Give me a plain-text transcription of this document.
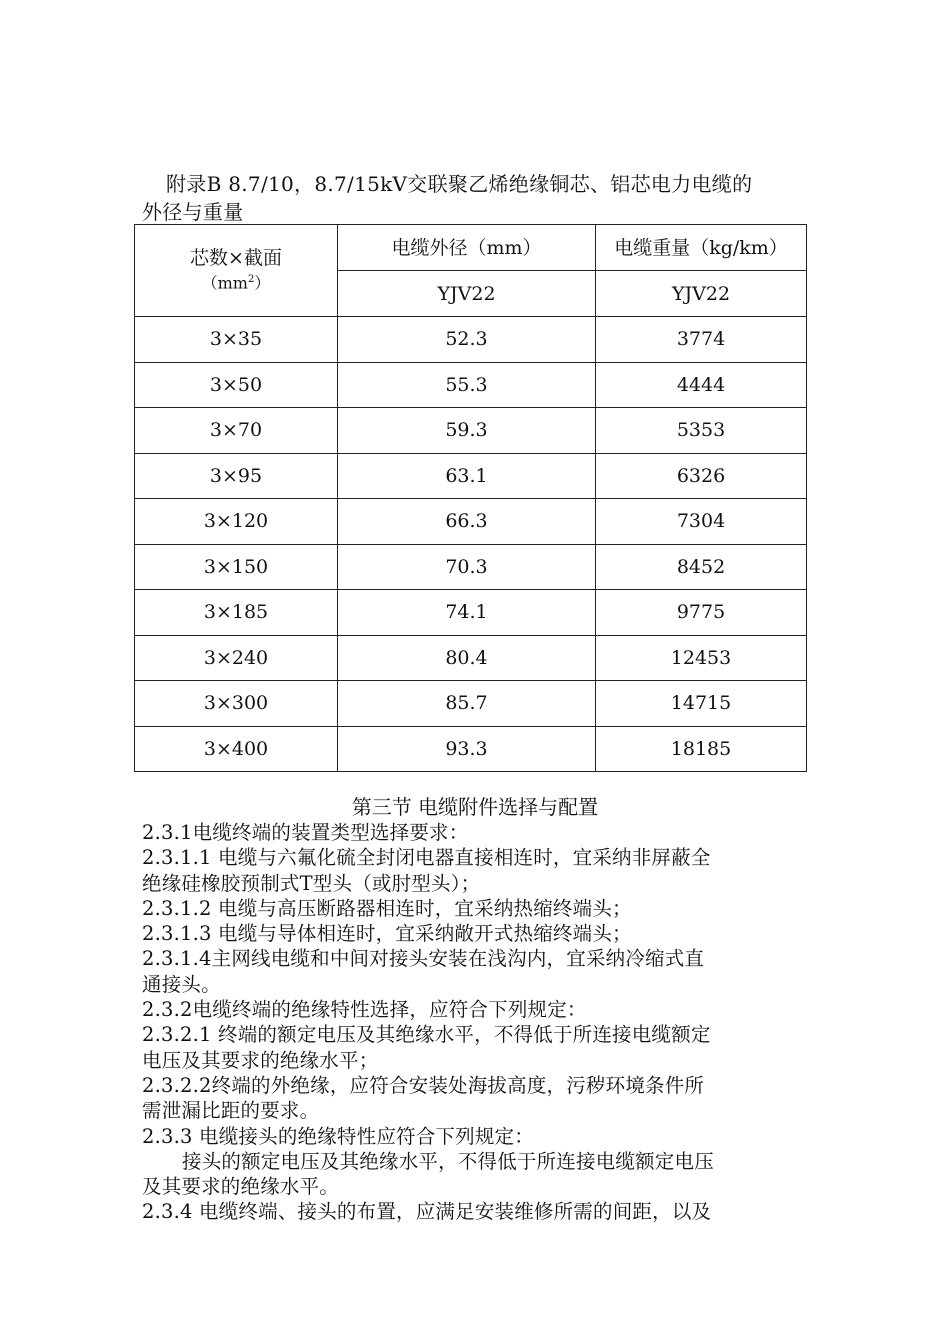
附录B 8.7/10，8.7/15kV交联聚乙烯绝缘铜芯、铝芯电力电缆的
外径与重量
芯数×截面
$(mm^2)$	电缆外径（mm）	电缆重量（kg/km）
	YJV22	YJV22
3×35	52.3	3774
3×50	55.3	4444
3×70	59.3	5353
3×95	63.1	6326
3×120	66.3	7304
3×150	70.3	8452
3×185	74.1	9775
3×240	80.4	12453
3×300	85.7	14715
3×400	93.3	18185
第三节 电缆附件选择与配置

2.3.1电缆终端的装置类型选择要求：

2.3.1.1 电缆与六氟化硫全封闭电器直接相连时，宜采纳非屏蔽全

绝缘硅橡胶预制式T型头（或肘型头）；

2.3.1.2 电缆与高压断路器相连时，宜采纳热缩终端头；

2.3.1.3 电缆与导体相连时，宜采纳敞开式热缩终端头；

2.3.1.4主网线电缆和中间对接头安装在浅沟内，宜采纳冷缩式直

通接头。

2.3.2电缆终端的绝缘特性选择，应符合下列规定：

2.3.2.1 终端的额定电压及其绝缘水平，不得低于所连接电缆额定

电压及其要求的绝缘水平；

2.3.2.2终端的外绝缘，应符合安装处海拔高度，污秽环境条件所

需泄漏比距的要求。

2.3.3 电缆接头的绝缘特性应符合下列规定：

接头的额定电压及其绝缘水平，不得低于所连接电缆额定电压

及其要求的绝缘水平。

2.3.4 电缆终端、接头的布置，应满足安装维修所需的间距，以及
